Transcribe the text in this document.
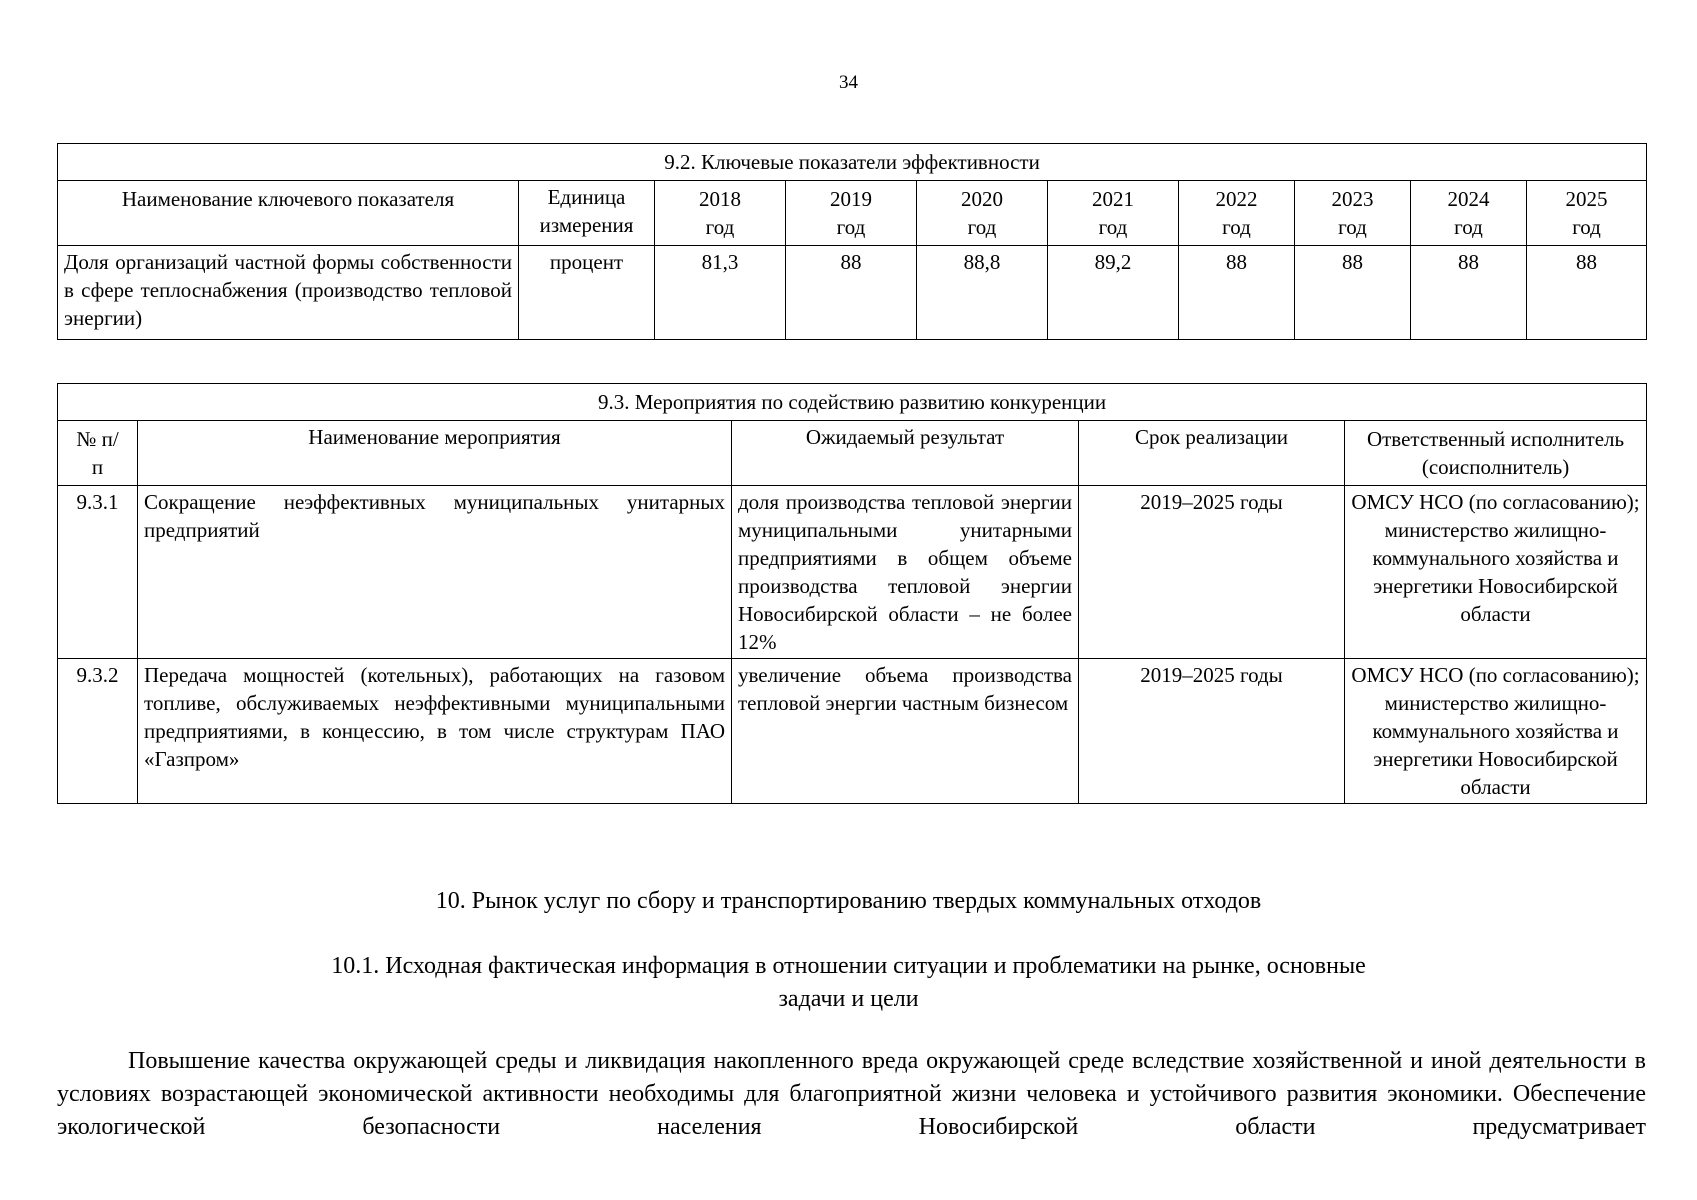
34
9.2. Ключевые показатели эффективности									
Наименование ключевого показателя	Единица измерения	2018 год	2019 год	2020 год	2021 год	2022 год	2023 год	2024 год	2025 год
Доля организаций частной формы собственности в сфере теплоснабжения (производство тепловой энергии)	процент	81,3	88	88,8	89,2	88	88	88	88
9.3. Мероприятия по содействию развитию конкуренции				
№ п/п	Наименование мероприятия	Ожидаемый результат	Срок реализации	Ответственный исполнитель (соисполнитель)
9.3.1	Сокращение неэффективных муниципальных унитарных предприятий	доля производства тепловой энергии муниципальными унитарными предприятиями в общем объеме производства тепловой энергии Новосибирской области – не более 12%	2019–2025 годы	ОМСУ НСО (по согласованию); министерство жилищно-коммунального хозяйства и энергетики Новосибирской области
9.3.2	Передача мощностей (котельных), работающих на газовом топливе, обслуживаемых неэффективными муниципальными предприятиями, в концессию, в том числе структурам ПАО «Газпром»	увеличение объема производства тепловой энергии частным бизнесом	2019–2025 годы	ОМСУ НСО (по согласованию); министерство жилищно-коммунального хозяйства и энергетики Новосибирской области
10. Рынок услуг по сбору и транспортированию твердых коммунальных отходов
10.1. Исходная фактическая информация в отношении ситуации и проблематики на рынке, основные задачи и цели
Повышение качества окружающей среды и ликвидация накопленного вреда окружающей среде вследствие хозяйственной и иной деятельности в условиях возрастающей экономической активности необходимы для благоприятной жизни человека и устойчивого развития экономики. Обеспечение экологической безопасности населения Новосибирской области предусматривает
